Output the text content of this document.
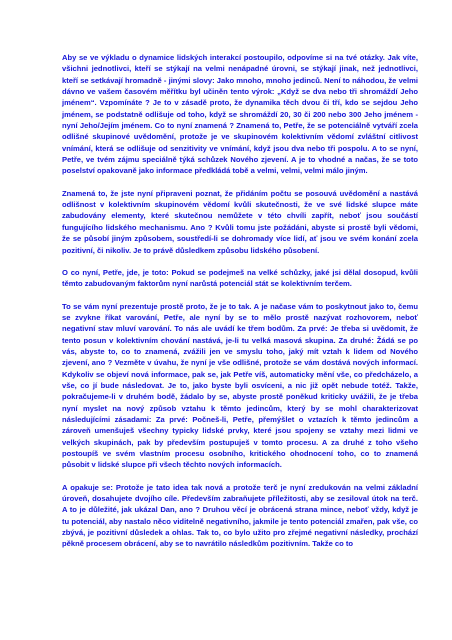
Aby se ve výkladu o dynamice lidských interakcí postoupilo, odpovíme si na tvé otázky. Jak víte, všichni jednotlivci, kteří se stýkají na velmi nenápadné úrovni, se stýkají jinak, než jednotlivci, kteří se setkávají hromadně - jinými slovy: Jako mnoho, mnoho jedinců. Není to náhodou, že velmi dávno ve vašem časovém měřítku byl učiněn tento výrok: „Když se dva nebo tři shromáždí Jeho jménem“. Vzpomínáte ? Je to v zásadě proto, že dynamika těch dvou či tří, kdo se sejdou Jeho jménem, se podstatně odlišuje od toho, když se shromáždí 20, 30 či 200 nebo 300 Jeho jménem - nyní Jeho/Jejím jménem. Co to nyní znamená ? Znamená to, Petře, že se potenciálně vytváří zcela odlišné skupinové uvědomění, protože je ve skupinovém kolektivním vědomí zvláštní citlivost vnímání, která se odlišuje od senzitivity ve vnímání, když jsou dva nebo tři pospolu. A to se nyní, Petře, ve tvém zájmu speciálně týká schůzek Nového zjevení. A je to vhodné a načas, že se toto poselství opakovaně jako informace předkládá tobě a velmi, velmi, velmi málo jiným.

Znamená to, že jste nyní připraveni poznat, že přidáním počtu se posouvá uvědomění a nastává odlišnost v kolektivním skupinovém vědomí kvůli skutečnosti, že ve své lidské slupce máte zabudovány elementy, které skutečnou nemůžete v této chvíli zapřít, neboť jsou součástí fungujícího lidského mechanismu. Ano ? Kvůli tomu jste požádáni, abyste si prostě byli vědomi, že se působí jiným způsobem, soustředí-li se dohromady více lidí, ať jsou ve svém konání zcela pozitivní, či nikoliv. Je to právě důsledkem způsobu lidského působení.

O co nyní, Petře, jde, je toto: Pokud se podejmeš na velké schůzky, jaké jsi dělal dosopud, kvůli těmto zabudovaným faktorům nyní narůstá potenciál stát se kolektivním terčem.

To se vám nyní prezentuje prostě proto, že je to tak. A je načase vám to poskytnout jako to, čemu se zvykne říkat varování, Petře, ale nyní by se to mělo prostě nazývat rozhovorem, neboť negativní stav mluví varování. To nás ale uvádí ke třem bodům. Za prvé: Je třeba si uvědomit, že tento posun v kolektivním chování nastává, je-li tu velká masová skupina. Za druhé: Žádá se po vás, abyste to, co to znamená, zvážili jen ve smyslu toho, jaký mít vztah k lidem od Nového zjevení, ano ? Vezměte v úvahu, že nyní je vše odlišné, protože se vám dostává nových informací. Kdykoliv se objeví nová informace, pak se, jak Petře víš, automaticky mění vše, co předcházelo, a vše, co jí bude následovat. Je to, jako byste byli osvíceni, a nic již opět nebude totéž. Takže, pokračujeme-li v druhém bodě, žádalo by se, abyste prostě poněkud kriticky uvážili, že je třeba nyní myslet na nový způsob vztahu k těmto jedincům, který by se mohl charakterizovat následujícími zásadami: Za prvé: Počneš-li, Petře, přemýšlet o vztazích k těmto jedincům a zároveň umenšuješ všechny typicky lidské prvky, které jsou spojeny se vztahy mezi lidmi ve velkých skupinách, pak by především postupuješ v tomto procesu. A za druhé z toho všeho postoupíš ve svém vlastním procesu osobního, kritického ohodnocení toho, co to znamená působit v lidské slupce při všech těchto nových informacích.

A opakuje se: Protože je tato idea tak nová a protože terč je nyní zredukován na velmi základní úroveň, dosahujete dvojího cíle. Především zabraňujete příležitosti, aby se zesiloval útok na terč. A to je důležité, jak ukázal Dan, ano ? Druhou věcí je obrácená strana mince, neboť vždy, když je tu potenciál, aby nastalo něco viditelně negativního, jakmile je tento potenciál zmařen, pak vše, co zbývá, je pozitivní důsledek a ohlas. Tak to, co bylo užito pro zřejmé negativní následky, prochází pěkně procesem obrácení, aby se to navrátilo následkům pozitivním. Takže co to
